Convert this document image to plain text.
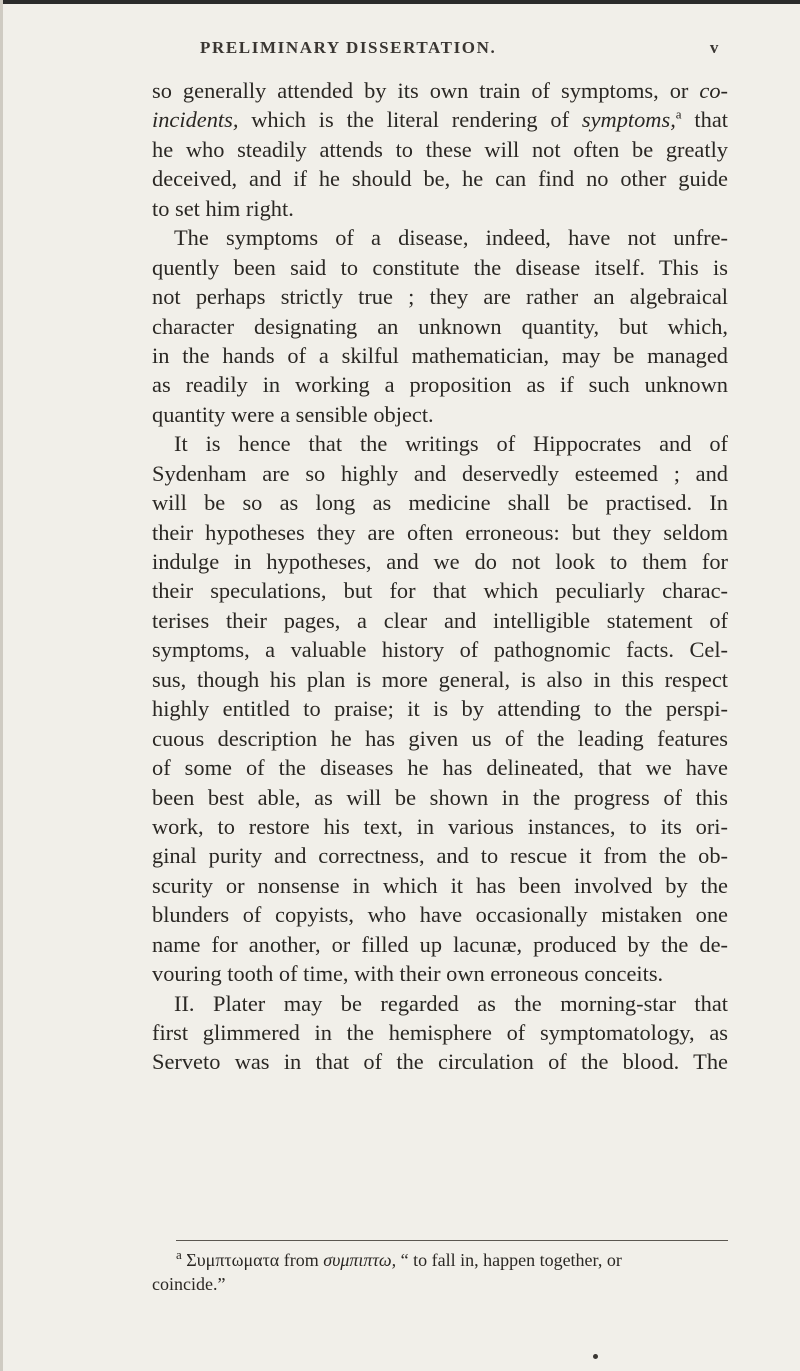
PRELIMINARY DISSERTATION.	v
so generally attended by its own train of symptoms, or co-
incidents, which is the literal rendering of symptoms,$^a$ that
he who steadily attends to these will not often be greatly
deceived, and if he should be, he can find no other guide
to set him right.
The symptoms of a disease, indeed, have not unfre-
quently been said to constitute the disease itself. This is
not perhaps strictly true ; they are rather an algebraical
character designating an unknown quantity, but which,
in the hands of a skilful mathematician, may be managed
as readily in working a proposition as if such unknown
quantity were a sensible object.
It is hence that the writings of Hippocrates and of
Sydenham are so highly and deservedly esteemed ; and
will be so as long as medicine shall be practised. In
their hypotheses they are often erroneous: but they seldom
indulge in hypotheses, and we do not look to them for
their speculations, but for that which peculiarly charac-
terises their pages, a clear and intelligible statement of
symptoms, a valuable history of pathognomic facts. Cel-
sus, though his plan is more general, is also in this respect
highly entitled to praise; it is by attending to the perspi-
cuous description he has given us of the leading features
of some of the diseases he has delineated, that we have
been best able, as will be shown in the progress of this
work, to restore his text, in various instances, to its ori-
ginal purity and correctness, and to rescue it from the ob-
scurity or nonsense in which it has been involved by the
blunders of copyists, who have occasionally mistaken one
name for another, or filled up lacunæ, produced by the de-
vouring tooth of time, with their own erroneous conceits.
II. Plater may be regarded as the morning-star that
first glimmered in the hemisphere of symptomatology, as
Serveto was in that of the circulation of the blood. The
$^a$ Συμπτωματα from συμπιπτω, “ to fall in, happen together, or
coincide.”
